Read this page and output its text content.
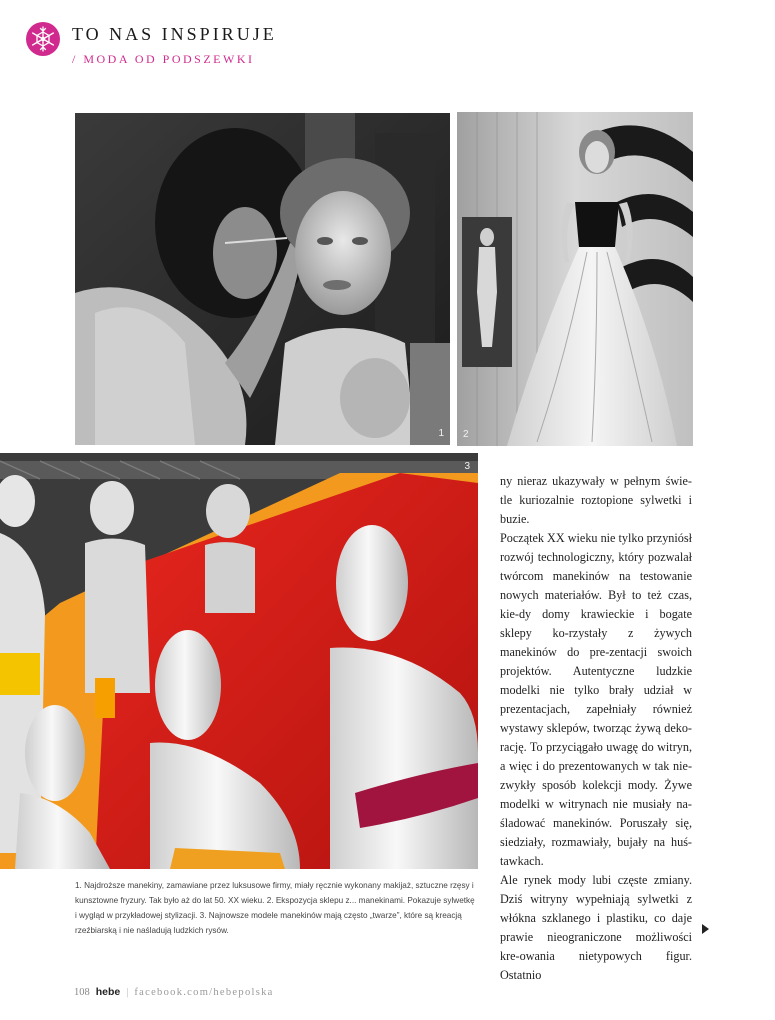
TO NAS INSPIRUJE
/ MODA OD PODSZEWKI
1 2
3
1. Najdroższe manekiny, zamawiane przez luksusowe firmy, miały ręcznie wykonany makijaż, sztuczne rzęsy i kunsztowne fryzury. Tak było aż do lat 50. XX wieku. 2. Ekspozycja sklepu z... manekinami. Pokazuje sylwetkę i wygląd w przykładowej stylizacji. 3. Najnowsze modele manekinów mają często „twarze”, które są kreacją rzeźbiarską i nie naśladują ludzkich rysów.

ny nieraz ukazywały w pełnym świe-tle kuriozalnie roztopione sylwetki i buzie.

Początek XX wieku nie tylko przyniósł rozwój technologiczny, który pozwalał twórcom manekinów na testowanie nowych materiałów. Był to też czas, kie-dy domy krawieckie i bogate sklepy ko-rzystały z żywych manekinów do pre-zentacji swoich projektów. Autentyczne ludzkie modelki nie tylko brały udział w prezentacjach, zapełniały również wystawy sklepów, tworząc żywą deko-rację. To przyciągało uwagę do witryn, a więc i do prezentowanych w tak nie-zwykły sposób kolekcji mody. Żywe modelki w witrynach nie musiały na-śladować manekinów. Poruszały się, siedziały, rozmawiały, bujały na huś-tawkach.

Ale rynek mody lubi częste zmiany. Dziś witryny wypełniają sylwetki z włókna szklanego i plastiku, co daje prawie nieograniczone możliwości kre-owania nietypowych figur. Ostatnio

108 hebe | facebook.com/hebepolska
